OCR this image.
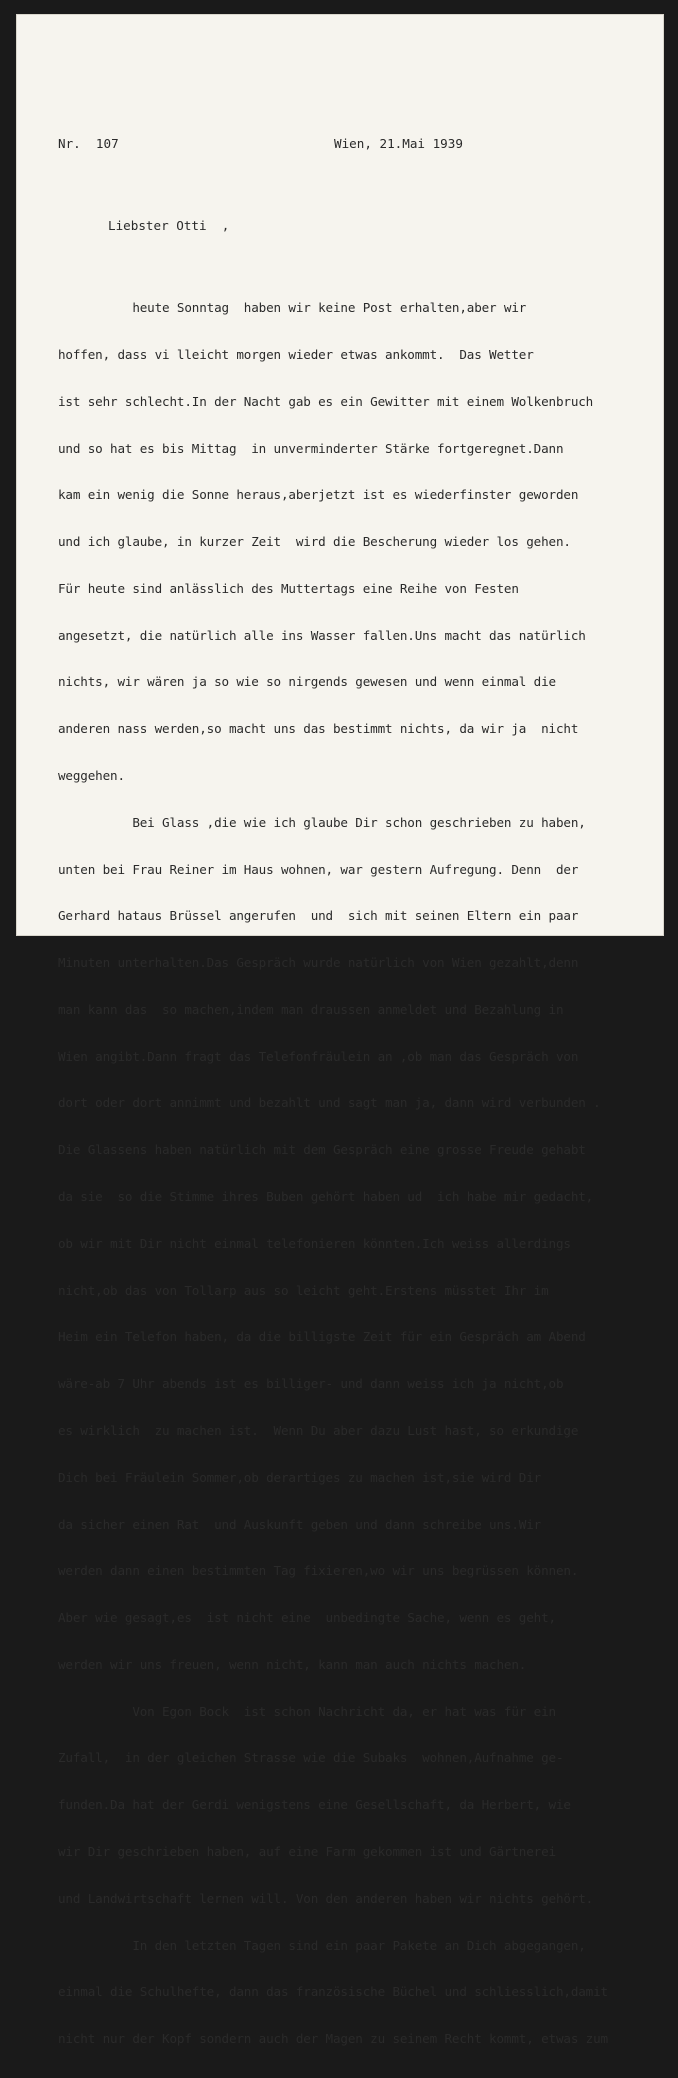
Nr.  107	Wien, 21.Mai 1939
Liebster Otti  ,

heute Sonntag  haben wir keine Post erhalten,aber wir

hoffen, dass vi lleicht morgen wieder etwas ankommt.  Das Wetter

ist sehr schlecht.In der Nacht gab es ein Gewitter mit einem Wolkenbruch

und so hat es bis Mittag  in unverminderter Stärke fortgeregnet.Dann

kam ein wenig die Sonne heraus,aberjetzt ist es wiederfinster geworden

und ich glaube, in kurzer Zeit  wird die Bescherung wieder los gehen.

Für heute sind anlässlich des Muttertags eine Reihe von Festen

angesetzt, die natürlich alle ins Wasser fallen.Uns macht das natürlich

nichts, wir wären ja so wie so nirgends gewesen und wenn einmal die

anderen nass werden,so macht uns das bestimmt nichts, da wir ja  nicht

weggehen.

Bei Glass ,die wie ich glaube Dir schon geschrieben zu haben,

unten bei Frau Reiner im Haus wohnen, war gestern Aufregung. Denn  der

Gerhard hataus Brüssel angerufen  und  sich mit seinen Eltern ein paar

Minuten unterhalten.Das Gespräch wurde natürlich von Wien gezahlt,denn

man kann das  so machen,indem man draussen anmeldet und Bezahlung in

Wien angibt.Dann fragt das Telefonfräulein an ,ob man das Gespräch von

dort oder dort annimmt und bezahlt und sagt man ja, dann wird verbunden .

Die Glassens haben natürlich mit dem Gespräch eine grosse Freude gehabt

da sie  so die Stimme ihres Buben gehört haben ud  ich habe mir gedacht,

ob wir mit Dir nicht einmal telefonieren könnten.Ich weiss allerdings

nicht,ob das von Tollarp aus so leicht geht.Erstens müsstet Ihr im

Heim ein Telefon haben, da die billigste Zeit für ein Gespräch am Abend

wäre-ab 7 Uhr abends ist es billiger- und dann weiss ich ja nicht,ob

es wirklich  zu machen ist.  Wenn Du aber dazu Lust hast, so erkundige

Dich bei Fräulein Sommer,ob derartiges zu machen ist,sie wird Dir

da sicher einen Rat  und Auskunft geben und dann schreibe uns.Wir

werden dann einen bestimmten Tag fixieren,wo wir uns begrüssen können.

Aber wie gesagt,es  ist nicht eine  unbedingte Sache, wenn es geht,

werden wir uns freuen, wenn nicht, kann man auch nichts machen.

Von Egon Bock  ist schon Nachricht da, er hat was für ein

Zufall,  in der gleichen Strasse wie die Subaks  wohnen,Aufnahme ge-

funden.Da hat der Gerdi wenigstens eine Gesellschaft, da Herbert, wie

wir Dir geschrieben haben, auf eine Farm gekommen ist und Gärtnerei

und Landwirtschaft lernen will. Von den anderen haben wir nichts gehört.

In den letzten Tagen sind ein paar Pakete an Dich abgegangen,

einmal die Schulhefte, dann das französische Büchel und schliesslich,damit

nicht nur der Kopf sondern auch der Magen zu seinem Recht kommt, etwas zum
